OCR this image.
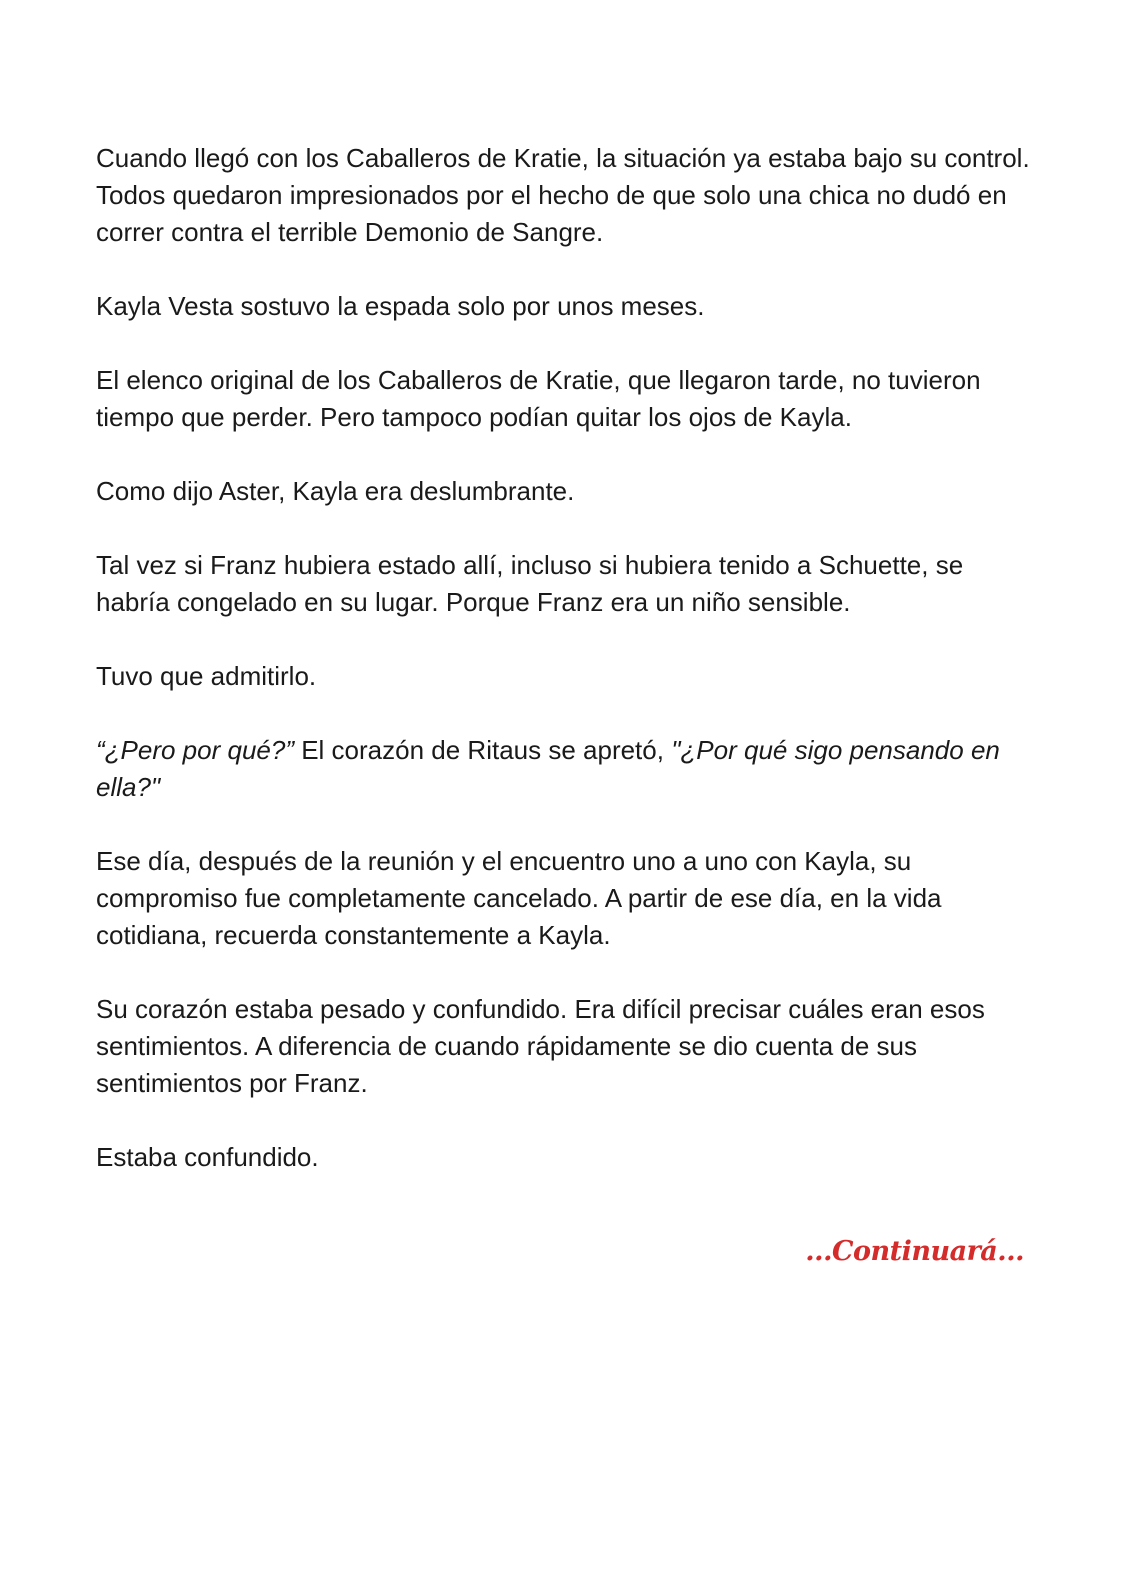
Cuando llegó con los Caballeros de Kratie, la situación ya estaba bajo su control. Todos quedaron impresionados por el hecho de que solo una chica no dudó en correr contra el terrible Demonio de Sangre.

Kayla Vesta sostuvo la espada solo por unos meses.

El elenco original de los Caballeros de Kratie, que llegaron tarde, no tuvieron tiempo que perder. Pero tampoco podían quitar los ojos de Kayla.

Como dijo Aster, Kayla era deslumbrante.

Tal vez si Franz hubiera estado allí, incluso si hubiera tenido a Schuette, se habría congelado en su lugar. Porque Franz era un niño sensible.

Tuvo que admitirlo.

“¿Pero por qué?” El corazón de Ritaus se apretó, "¿Por qué sigo pensando en ella?"

Ese día, después de la reunión y el encuentro uno a uno con Kayla, su compromiso fue completamente cancelado. A partir de ese día, en la vida cotidiana, recuerda constantemente a Kayla.

Su corazón estaba pesado y confundido. Era difícil precisar cuáles eran esos sentimientos. A diferencia de cuando rápidamente se dio cuenta de sus sentimientos por Franz.

Estaba confundido.

...Continuará...
